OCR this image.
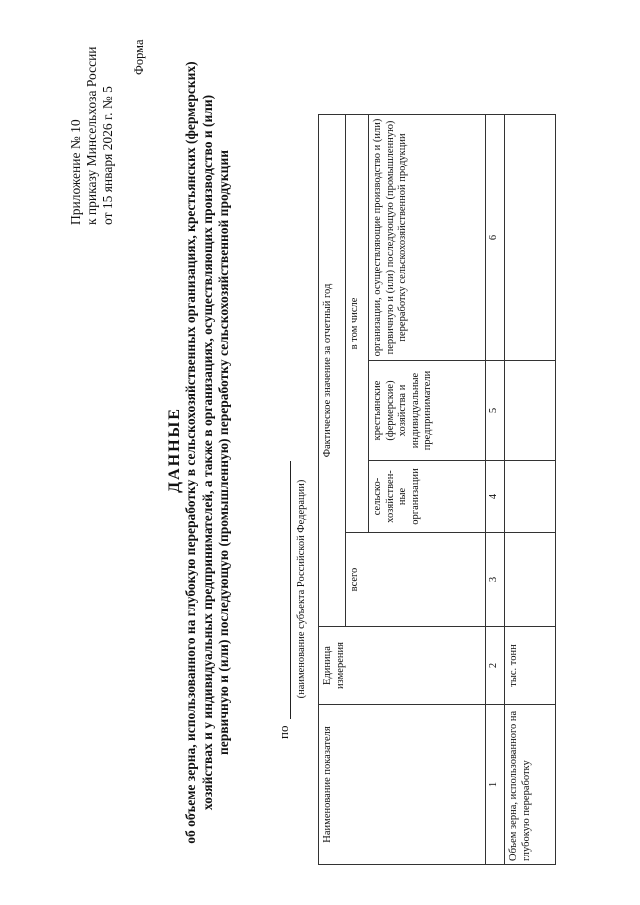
Приложение № 10 к приказу Минсельхоза России от 15 января 2026 г. № 5
Форма
ДАННЫЕ об объеме зерна, использованного на глубокую переработку в сельскохозяйственных организациях, крестьянских (фермерских) хозяйствах и у индивидуальных предпринимателей, а также в организациях, осуществляющих производство и (или) первичную и (или) последующую (промышленную) переработку сельскохозяйственной продукции	по
(наименование субъекта Российской Федерации)
Наименование показателя	Единица измерения	Фактическое значение за отчетный год			
		всего	в том числе		
			сельско-хозяйствен-ные организации	крестьянские (фермерские) хозяйства и индивидуальные предприниматели	организации, осуществляющие производство и (или) первичную и (или) последующую (промышленную) переработку сельскохозяйственной продукции
1	2	3	4	5	6
Объем зерна, использованного на глубокую переработку	тыс. тонн				
